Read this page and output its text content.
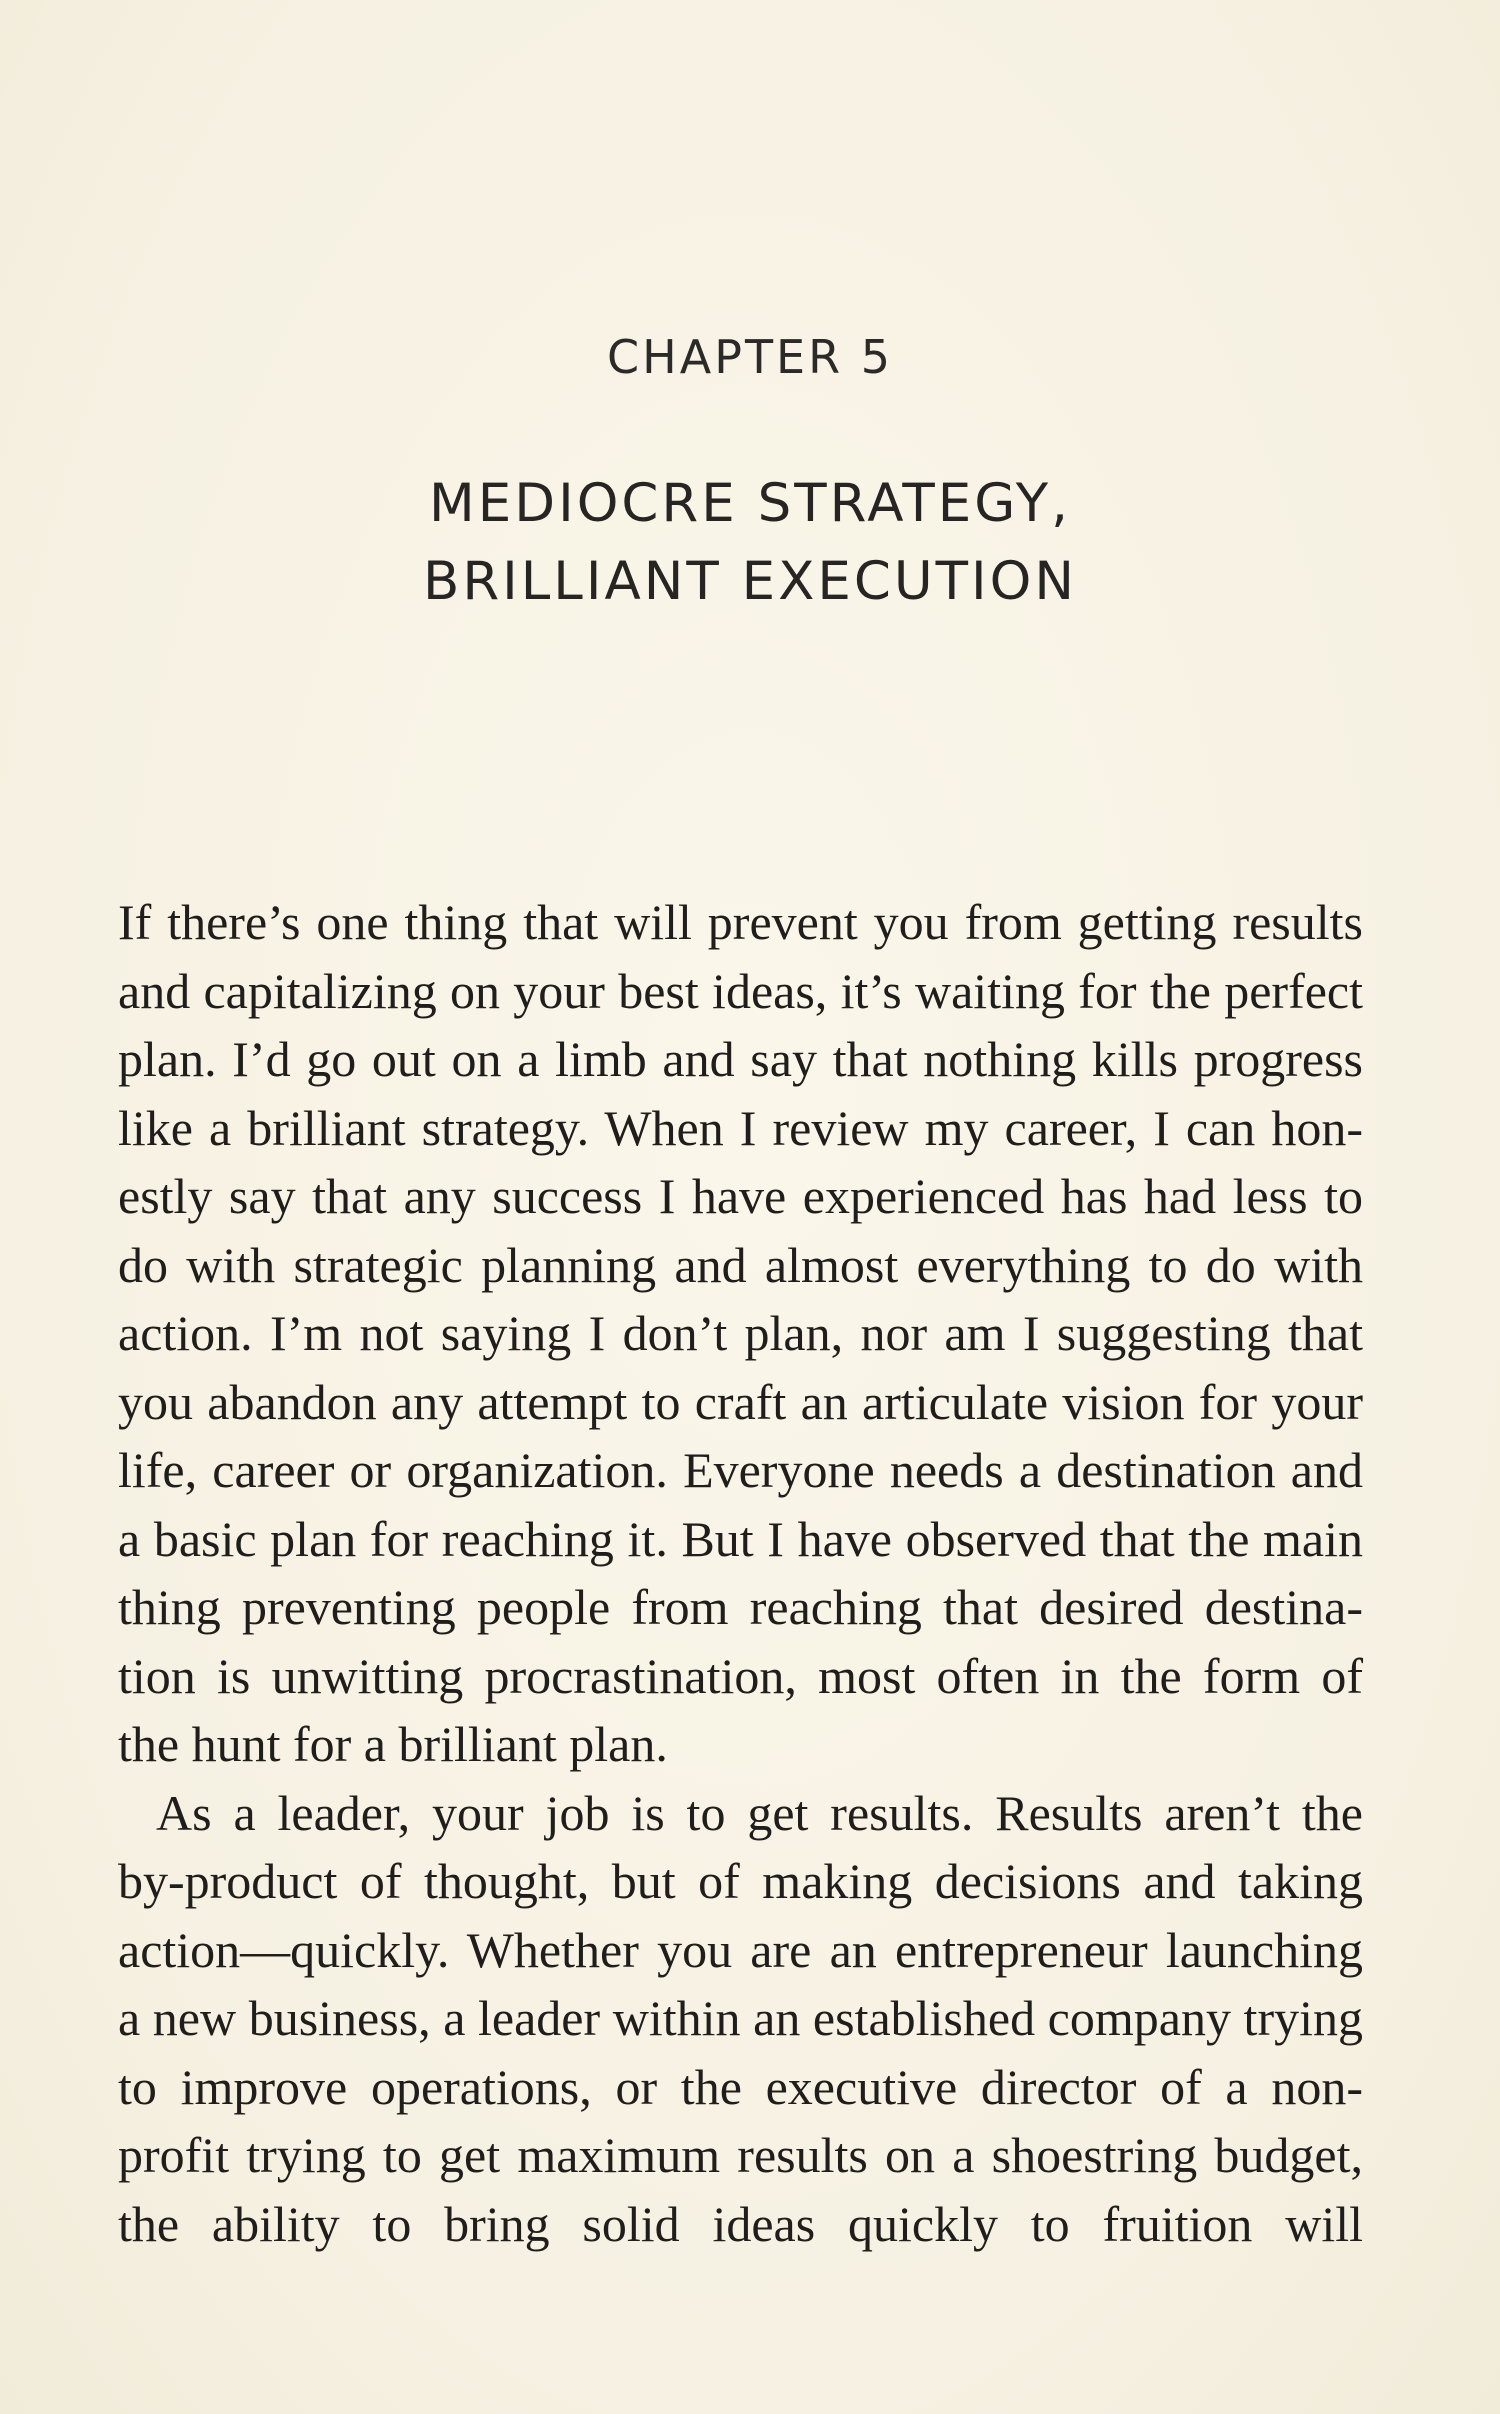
CHAPTER 5
MEDIOCRE STRATEGY,
BRILLIANT EXECUTION
If there’s one thing that will prevent you from getting results
and capitalizing on your best ideas, it’s waiting for the perfect
plan. I’d go out on a limb and say that nothing kills progress
like a brilliant strategy. When I review my career, I can hon-
estly say that any success I have experienced has had less to
do with strategic planning and almost everything to do with
action. I’m not saying I don’t plan, nor am I suggesting that
you abandon any attempt to craft an articulate vision for your
life, career or organization. Everyone needs a destination and
a basic plan for reaching it. But I have observed that the main
thing preventing people from reaching that desired destina-
tion is unwitting procrastination, most often in the form of
the hunt for a brilliant plan.
As a leader, your job is to get results. Results aren’t the
by-product of thought, but of making decisions and taking
action—quickly. Whether you are an entrepreneur launching
a new business, a leader within an established company trying
to improve operations, or the executive director of a non-
profit trying to get maximum results on a shoestring budget,
the ability to bring solid ideas quickly to fruition will
